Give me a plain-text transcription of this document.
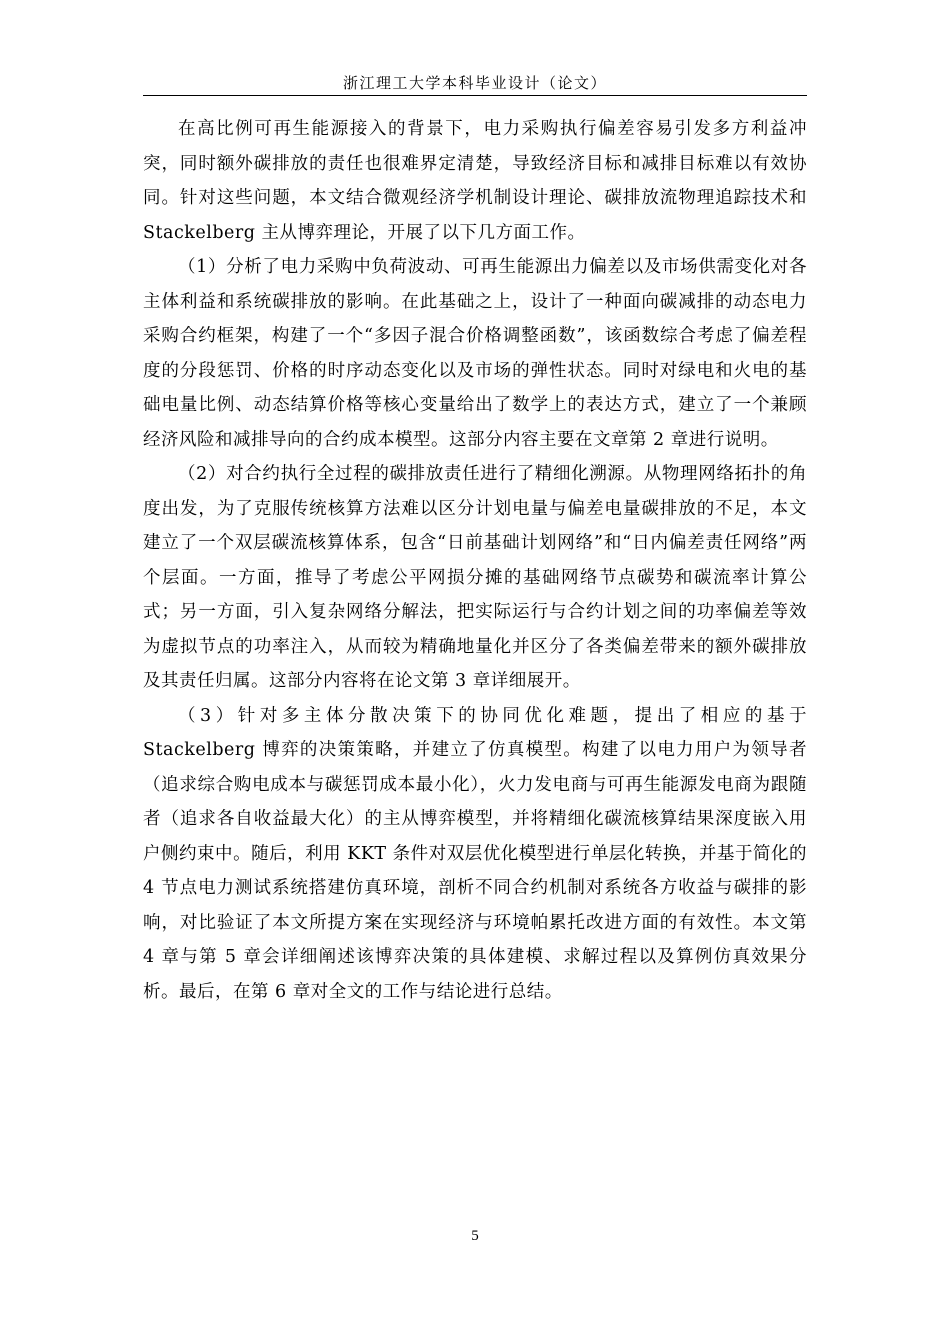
浙江理工大学本科毕业设计（论文）

在高比例可再生能源接入的背景下，电力采购执行偏差容易引发多方利益冲突，同时额外碳排放的责任也很难界定清楚，导致经济目标和减排目标难以有效协同。针对这些问题，本文结合微观经济学机制设计理论、碳排放流物理追踪技术和 Stackelberg 主从博弈理论，开展了以下几方面工作。

（1）分析了电力采购中负荷波动、可再生能源出力偏差以及市场供需变化对各主体利益和系统碳排放的影响。在此基础之上，设计了一种面向碳减排的动态电力采购合约框架，构建了一个“多因子混合价格调整函数”，该函数综合考虑了偏差程度的分段惩罚、价格的时序动态变化以及市场的弹性状态。同时对绿电和火电的基础电量比例、动态结算价格等核心变量给出了数学上的表达方式，建立了一个兼顾经济风险和减排导向的合约成本模型。这部分内容主要在文章第 2 章进行说明。

（2）对合约执行全过程的碳排放责任进行了精细化溯源。从物理网络拓扑的角度出发，为了克服传统核算方法难以区分计划电量与偏差电量碳排放的不足，本文建立了一个双层碳流核算体系，包含“日前基础计划网络”和“日内偏差责任网络”两个层面。一方面，推导了考虑公平网损分摊的基础网络节点碳势和碳流率计算公式；另一方面，引入复杂网络分解法，把实际运行与合约计划之间的功率偏差等效为虚拟节点的功率注入，从而较为精确地量化并区分了各类偏差带来的额外碳排放及其责任归属。这部分内容将在论文第 3 章详细展开。

（3）针对多主体分散决策下的协同优化难题，提出了相应的基于 Stackelberg 博弈的决策策略，并建立了仿真模型。构建了以电力用户为领导者（追求综合购电成本与碳惩罚成本最小化），火力发电商与可再生能源发电商为跟随者（追求各自收益最大化）的主从博弈模型，并将精细化碳流核算结果深度嵌入用户侧约束中。随后，利用 KKT 条件对双层优化模型进行单层化转换，并基于简化的 4 节点电力测试系统搭建仿真环境，剖析不同合约机制对系统各方收益与碳排的影响，对比验证了本文所提方案在实现经济与环境帕累托改进方面的有效性。本文第 4 章与第 5 章会详细阐述该博弈决策的具体建模、求解过程以及算例仿真效果分析。最后，在第 6 章对全文的工作与结论进行总结。

5
